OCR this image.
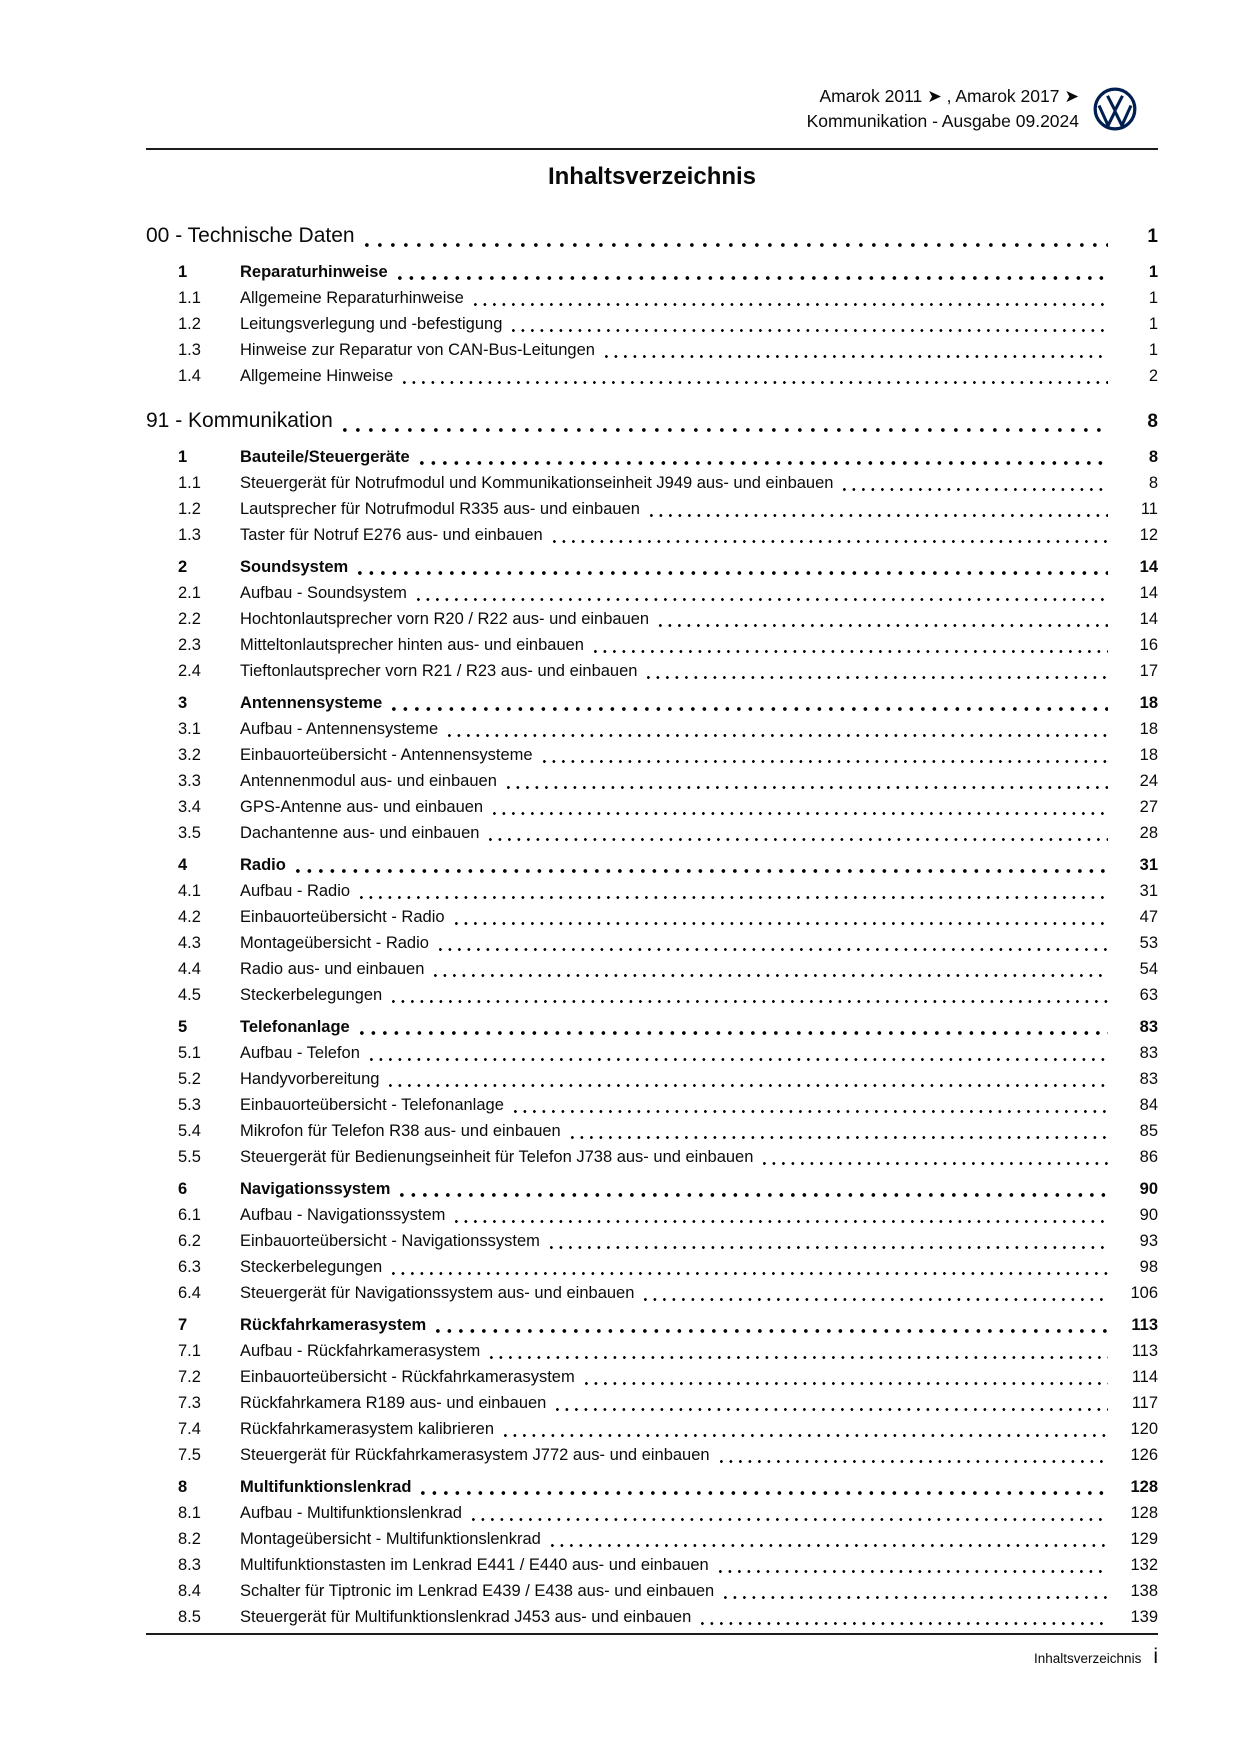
Amarok 2011 ➤ , Amarok 2017 ➤
Kommunikation - Ausgabe 09.2024
Inhaltsverzeichnis
00 - Technische Daten	1
1	Reparaturhinweise	1
1.1	Allgemeine Reparaturhinweise	1
1.2	Leitungsverlegung und -befestigung	1
1.3	Hinweise zur Reparatur von CAN-Bus-Leitungen	1
1.4	Allgemeine Hinweise	2
91 - Kommunikation	8
1	Bauteile/Steuergeräte	8
1.1	Steuergerät für Notrufmodul und Kommunikationseinheit J949 aus- und einbauen	8
1.2	Lautsprecher für Notrufmodul R335 aus- und einbauen	11
1.3	Taster für Notruf E276 aus- und einbauen	12
2	Soundsystem	14
2.1	Aufbau - Soundsystem	14
2.2	Hochtonlautsprecher vorn R20 / R22 aus- und einbauen	14
2.3	Mitteltonlautsprecher hinten aus- und einbauen	16
2.4	Tieftonlautsprecher vorn R21 / R23 aus- und einbauen	17
3	Antennensysteme	18
3.1	Aufbau - Antennensysteme	18
3.2	Einbauorteübersicht - Antennensysteme	18
3.3	Antennenmodul aus- und einbauen	24
3.4	GPS-Antenne aus- und einbauen	27
3.5	Dachantenne aus- und einbauen	28
4	Radio	31
4.1	Aufbau - Radio	31
4.2	Einbauorteübersicht - Radio	47
4.3	Montageübersicht - Radio	53
4.4	Radio aus- und einbauen	54
4.5	Steckerbelegungen	63
5	Telefonanlage	83
5.1	Aufbau - Telefon	83
5.2	Handyvorbereitung	83
5.3	Einbauorteübersicht - Telefonanlage	84
5.4	Mikrofon für Telefon R38 aus- und einbauen	85
5.5	Steuergerät für Bedienungseinheit für Telefon J738 aus- und einbauen	86
6	Navigationssystem	90
6.1	Aufbau - Navigationssystem	90
6.2	Einbauorteübersicht - Navigationssystem	93
6.3	Steckerbelegungen	98
6.4	Steuergerät für Navigationssystem aus- und einbauen	106
7	Rückfahrkamerasystem	113
7.1	Aufbau - Rückfahrkamerasystem	113
7.2	Einbauorteübersicht - Rückfahrkamerasystem	114
7.3	Rückfahrkamera R189 aus- und einbauen	117
7.4	Rückfahrkamerasystem kalibrieren	120
7.5	Steuergerät für Rückfahrkamerasystem J772 aus- und einbauen	126
8	Multifunktionslenkrad	128
8.1	Aufbau - Multifunktionslenkrad	128
8.2	Montageübersicht - Multifunktionslenkrad	129
8.3	Multifunktionstasten im Lenkrad E441 / E440 aus- und einbauen	132
8.4	Schalter für Tiptronic im Lenkrad E439 / E438 aus- und einbauen	138
8.5	Steuergerät für Multifunktionslenkrad J453 aus- und einbauen	139
Inhaltsverzeichnis i
